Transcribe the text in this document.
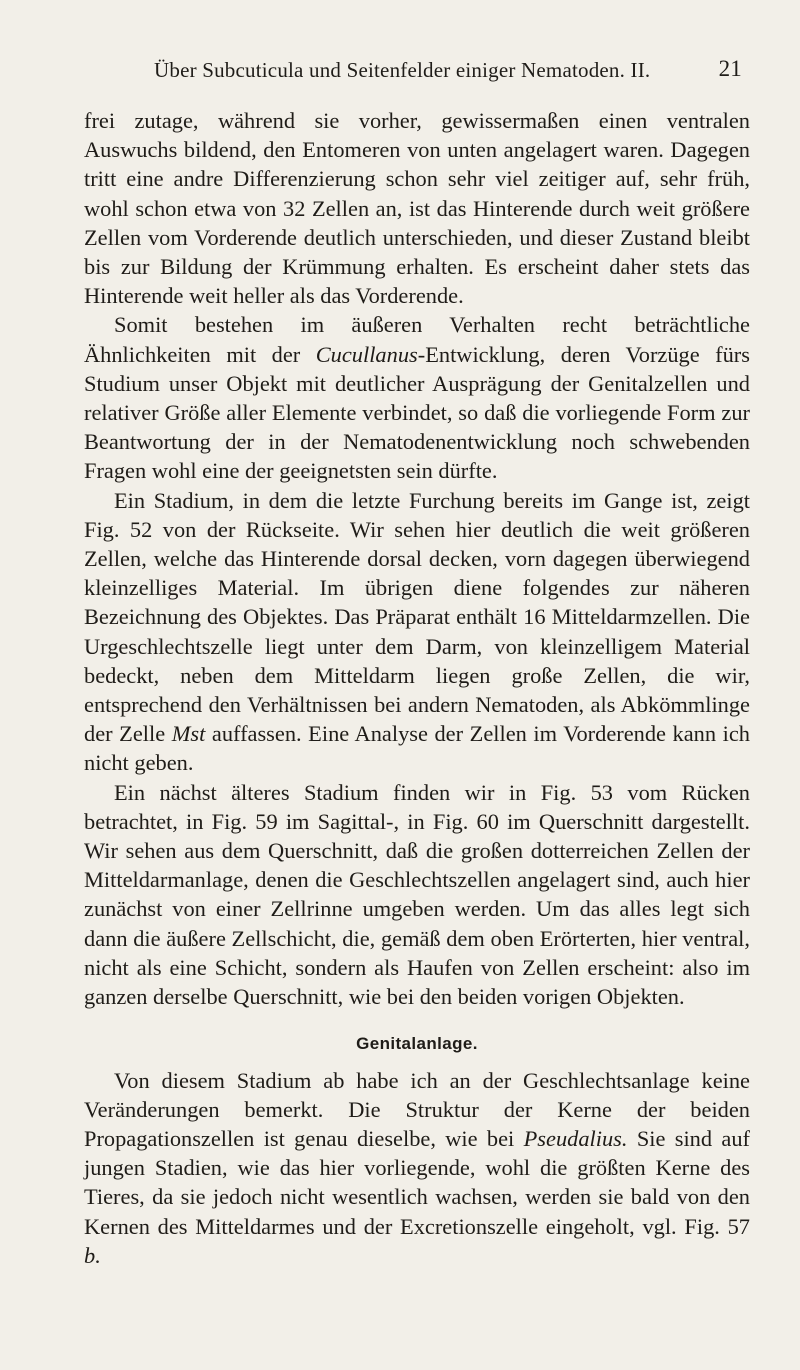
Über Subcuticula und Seitenfelder einiger Nematoden. II.	21

frei zutage, während sie vorher, gewissermaßen einen ventralen Auswuchs bildend, den Entomeren von unten angelagert waren. Dagegen tritt eine andre Differenzierung schon sehr viel zeitiger auf, sehr früh, wohl schon etwa von 32 Zellen an, ist das Hinterende durch weit größere Zellen vom Vorderende deutlich unterschieden, und dieser Zustand bleibt bis zur Bildung der Krümmung erhalten. Es erscheint daher stets das Hinterende weit heller als das Vorderende.

Somit bestehen im äußeren Verhalten recht beträchtliche Ähnlichkeiten mit der Cucullanus-Entwicklung, deren Vorzüge fürs Studium unser Objekt mit deutlicher Ausprägung der Genitalzellen und relativer Größe aller Elemente verbindet, so daß die vorliegende Form zur Beantwortung der in der Nematodenentwicklung noch schwebenden Fragen wohl eine der geeignetsten sein dürfte.

Ein Stadium, in dem die letzte Furchung bereits im Gange ist, zeigt Fig. 52 von der Rückseite. Wir sehen hier deutlich die weit größeren Zellen, welche das Hinterende dorsal decken, vorn dagegen überwiegend kleinzelliges Material. Im übrigen diene folgendes zur näheren Bezeichnung des Objektes. Das Präparat enthält 16 Mitteldarmzellen. Die Urgeschlechtszelle liegt unter dem Darm, von kleinzelligem Material bedeckt, neben dem Mitteldarm liegen große Zellen, die wir, entsprechend den Verhältnissen bei andern Nematoden, als Abkömmlinge der Zelle Mst auffassen. Eine Analyse der Zellen im Vorderende kann ich nicht geben.

Ein nächst älteres Stadium finden wir in Fig. 53 vom Rücken betrachtet, in Fig. 59 im Sagittal-, in Fig. 60 im Querschnitt dargestellt. Wir sehen aus dem Querschnitt, daß die großen dotterreichen Zellen der Mitteldarmanlage, denen die Geschlechtszellen angelagert sind, auch hier zunächst von einer Zellrinne umgeben werden. Um das alles legt sich dann die äußere Zellschicht, die, gemäß dem oben Erörterten, hier ventral, nicht als eine Schicht, sondern als Haufen von Zellen erscheint: also im ganzen derselbe Querschnitt, wie bei den beiden vorigen Objekten.

Genitalanlage.

Von diesem Stadium ab habe ich an der Geschlechtsanlage keine Veränderungen bemerkt. Die Struktur der Kerne der beiden Propagationszellen ist genau dieselbe, wie bei Pseudalius. Sie sind auf jungen Stadien, wie das hier vorliegende, wohl die größten Kerne des Tieres, da sie jedoch nicht wesentlich wachsen, werden sie bald von den Kernen des Mitteldarmes und der Excretionszelle eingeholt, vgl. Fig. 57 b.
